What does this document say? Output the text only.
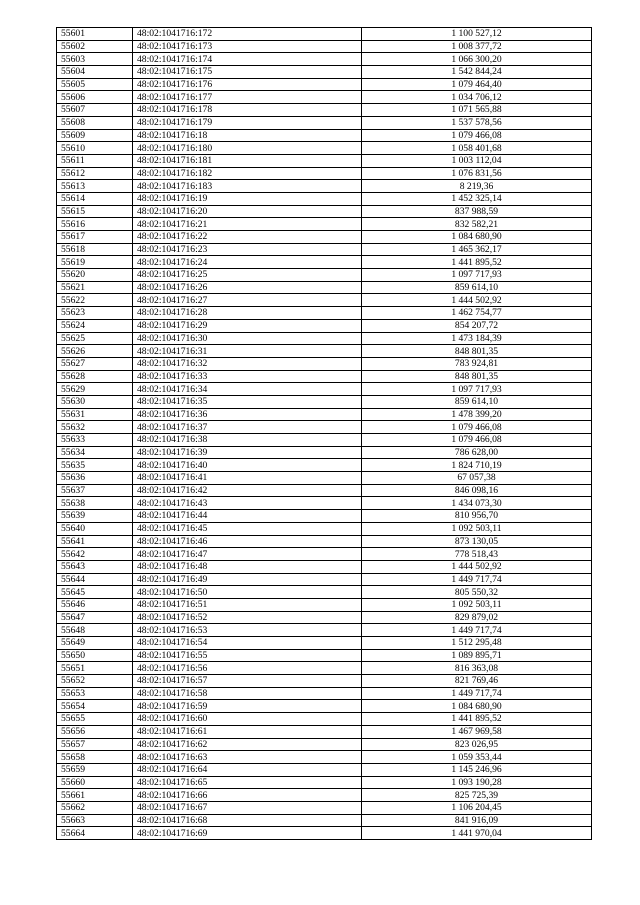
55601	48:02:1041716:172	1 100 527,12
55602	48:02:1041716:173	1 008 377,72
55603	48:02:1041716:174	1 066 300,20
55604	48:02:1041716:175	1 542 844,24
55605	48:02:1041716:176	1 079 464,40
55606	48:02:1041716:177	1 034 706,12
55607	48:02:1041716:178	1 071 565,88
55608	48:02:1041716:179	1 537 578,56
55609	48:02:1041716:18	1 079 466,08
55610	48:02:1041716:180	1 058 401,68
55611	48:02:1041716:181	1 003 112,04
55612	48:02:1041716:182	1 076 831,56
55613	48:02:1041716:183	8 219,36
55614	48:02:1041716:19	1 452 325,14
55615	48:02:1041716:20	837 988,59
55616	48:02:1041716:21	832 582,21
55617	48:02:1041716:22	1 084 680,90
55618	48:02:1041716:23	1 465 362,17
55619	48:02:1041716:24	1 441 895,52
55620	48:02:1041716:25	1 097 717,93
55621	48:02:1041716:26	859 614,10
55622	48:02:1041716:27	1 444 502,92
55623	48:02:1041716:28	1 462 754,77
55624	48:02:1041716:29	854 207,72
55625	48:02:1041716:30	1 473 184,39
55626	48:02:1041716:31	848 801,35
55627	48:02:1041716:32	783 924,81
55628	48:02:1041716:33	848 801,35
55629	48:02:1041716:34	1 097 717,93
55630	48:02:1041716:35	859 614,10
55631	48:02:1041716:36	1 478 399,20
55632	48:02:1041716:37	1 079 466,08
55633	48:02:1041716:38	1 079 466,08
55634	48:02:1041716:39	786 628,00
55635	48:02:1041716:40	1 824 710,19
55636	48:02:1041716:41	67 057,38
55637	48:02:1041716:42	846 098,16
55638	48:02:1041716:43	1 434 073,30
55639	48:02:1041716:44	810 956,70
55640	48:02:1041716:45	1 092 503,11
55641	48:02:1041716:46	873 130,05
55642	48:02:1041716:47	778 518,43
55643	48:02:1041716:48	1 444 502,92
55644	48:02:1041716:49	1 449 717,74
55645	48:02:1041716:50	805 550,32
55646	48:02:1041716:51	1 092 503,11
55647	48:02:1041716:52	829 879,02
55648	48:02:1041716:53	1 449 717,74
55649	48:02:1041716:54	1 512 295,48
55650	48:02:1041716:55	1 089 895,71
55651	48:02:1041716:56	816 363,08
55652	48:02:1041716:57	821 769,46
55653	48:02:1041716:58	1 449 717,74
55654	48:02:1041716:59	1 084 680,90
55655	48:02:1041716:60	1 441 895,52
55656	48:02:1041716:61	1 467 969,58
55657	48:02:1041716:62	823 026,95
55658	48:02:1041716:63	1 059 353,44
55659	48:02:1041716:64	1 145 246,96
55660	48:02:1041716:65	1 093 190,28
55661	48:02:1041716:66	825 725,39
55662	48:02:1041716:67	1 106 204,45
55663	48:02:1041716:68	841 916,09
55664	48:02:1041716:69	1 441 970,04
